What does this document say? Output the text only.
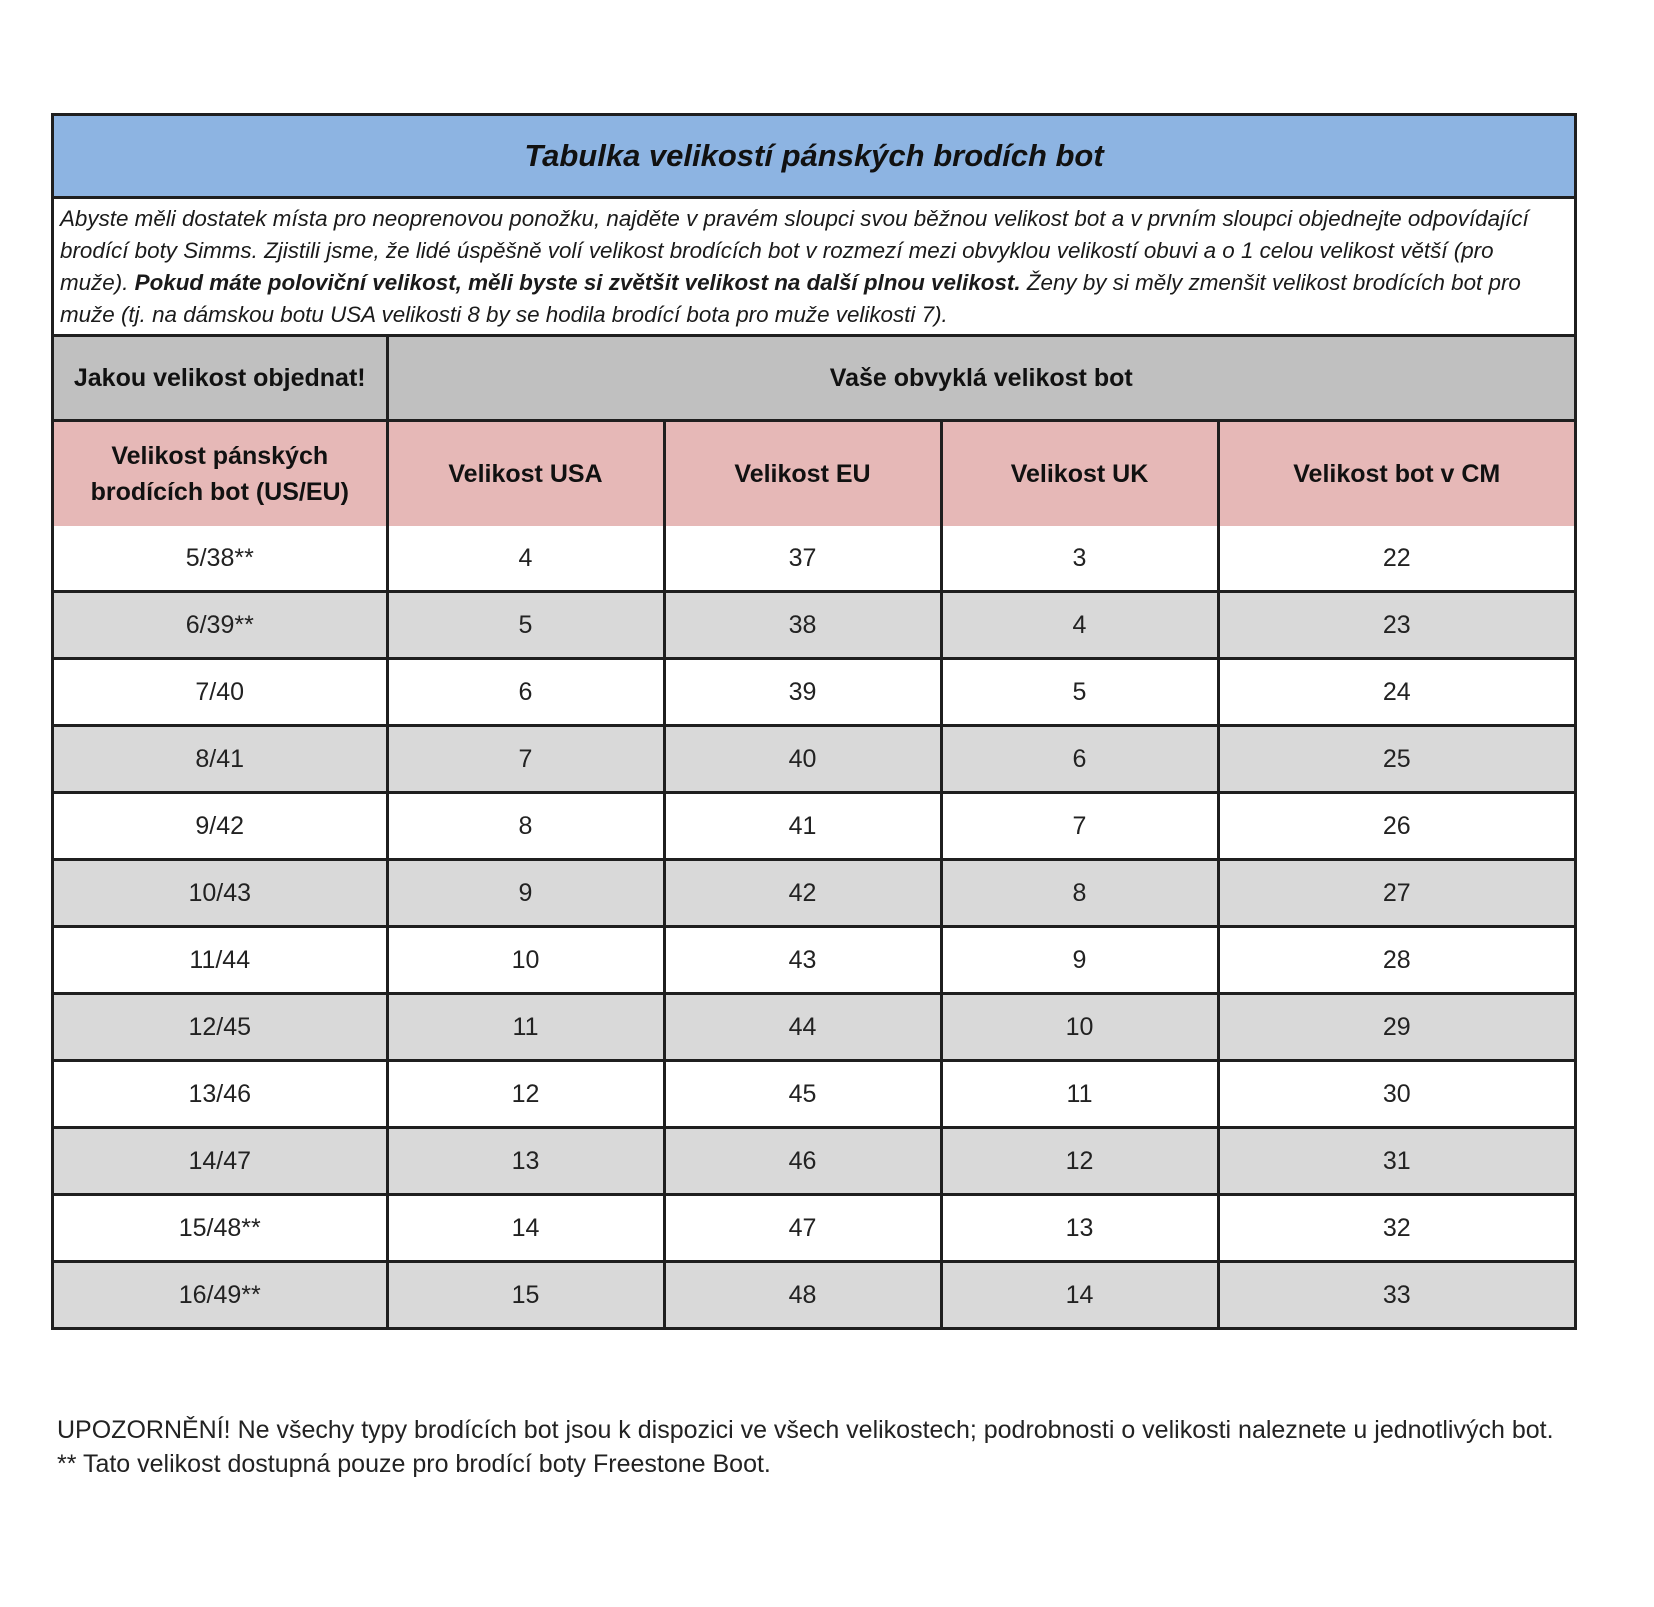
Tabulka velikostí pánských brodích bot
Abyste měli dostatek místa pro neoprenovou ponožku, najděte v pravém sloupci svou běžnou velikost bot a v prvním sloupci objednejte odpovídající brodící boty Simms. Zjistili jsme, že lidé úspěšně volí velikost brodících bot v rozmezí mezi obvyklou velikostí obuvi a o 1 celou velikost větší (pro muže). Pokud máte poloviční velikost, měli byste si zvětšit velikost na další plnou velikost. Ženy by si měly zmenšit velikost brodících bot pro muže (tj. na dámskou botu USA velikosti 8 by se hodila brodící bota pro muže velikosti 7).
Jakou velikost objednat!	Vaše obvyklá velikost bot			
Velikost pánských brodících bot (US/EU)	Velikost USA	Velikost EU	Velikost UK	Velikost bot v CM
5/38**	4	37	3	22
6/39**	5	38	4	23
7/40	6	39	5	24
8/41	7	40	6	25
9/42	8	41	7	26
10/43	9	42	8	27
11/44	10	43	9	28
12/45	11	44	10	29
13/46	12	45	11	30
14/47	13	46	12	31
15/48**	14	47	13	32
16/49**	15	48	14	33

UPOZORNĚNÍ! Ne všechy typy brodících bot jsou k dispozici ve všech velikostech; podrobnosti o velikosti naleznete u jednotlivých bot.

** Tato velikost dostupná pouze pro brodící boty Freestone Boot.
